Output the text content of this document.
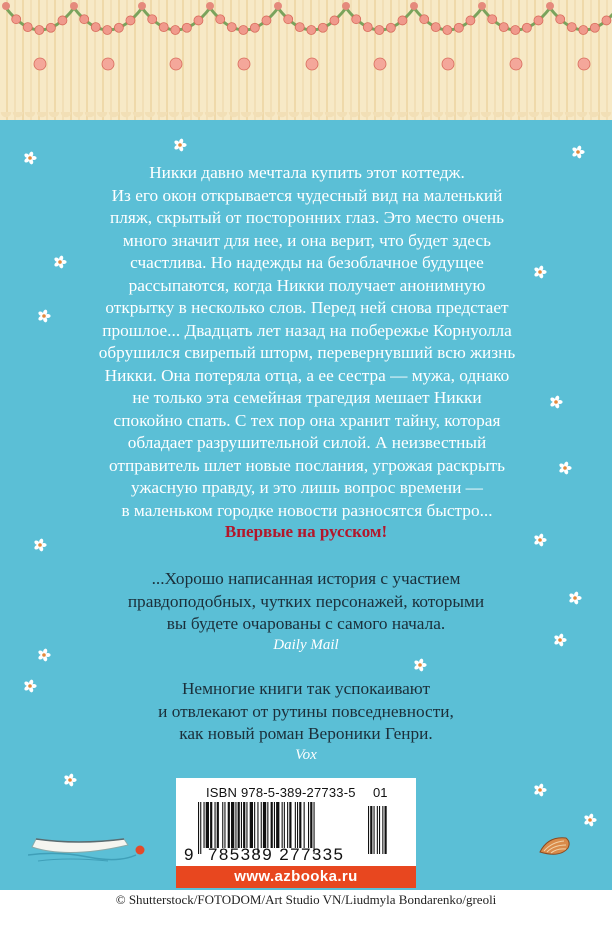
Никки давно мечтала купить этот коттедж.
Из его окон открывается чудесный вид на маленький
пляж, скрытый от посторонних глаз. Это место очень
много значит для нее, и она верит, что будет здесь
счастлива. Но надежды на безоблачное будущее
рассыпаются, когда Никки получает анонимную
открытку в несколько слов. Перед ней снова предстает
прошлое... Двадцать лет назад на побережье Корнуолла
обрушился свирепый шторм, перевернувший всю жизнь
Никки. Она потеряла отца, а ее сестра — мужа, однако
не только эта семейная трагедия мешает Никки
спокойно спать. С тех пор она хранит тайну, которая
обладает разрушительной силой. А неизвестный
отправитель шлет новые послания, угрожая раскрыть
ужасную правду, и это лишь вопрос времени —
в маленьком городке новости разносятся быстро...
Впервые на русском!
...Хорошо написанная история с участием
правдоподобных, чутких персонажей, которыми
вы будете очарованы с самого начала.
Daily Mail
Немногие книги так успокаивают
и отвлекают от рутины повседневности,
как новый роман Вероники Генри.
Vox
ISBN 978-5-389-27733-5 01
9 785389 277335
www.azbooka.ru
© Shutterstock/FOTODOM/Art Studio VN/Liudmyla Bondarenko/greoli
